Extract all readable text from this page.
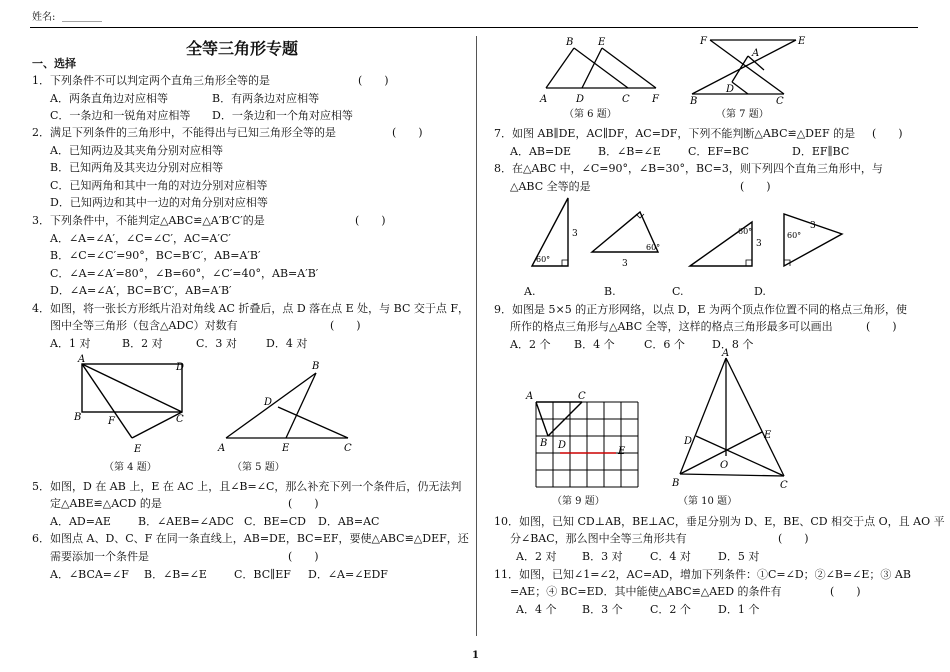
姓名: ________
全等三角形专题
一、选择
1．下列条件不可以判定两个直角三角形全等的是	(　　)
A．两条直角边对应相等	B．有两条边对应相等
C．一条边和一锐角对应相等 D．一条边和一个角对应相等
2．满足下列条件的三角形中，不能得出与已知三角形全等的是	(　　)
A．已知两边及其夹角分别对应相等
B．已知两角及其夹边分别对应相等
C．已知两角和其中一角的对边分别对应相等
D．已知两边和其中一边的对角分别对应相等
3．下列条件中，不能判定△ABC≌△A′B′C′的是	(　　)
A．∠A=∠A′，∠C=∠C′，AC=A′C′
B．∠C=∠C′=90°，BC=B′C′，AB=A′B′
C．∠A=∠A′=80°，∠B=60°，∠C′=40°，AB=A′B′
D．∠A=∠A′，BC=B′C′，AB=A′B′
4．如图，将一张长方形纸片沿对角线 AC 折叠后，点 D 落在点 E 处，与 BC 交于点 F，
图中全等三角形（包含△ADC）对数有	(　　)
A．1 对	B．2 对	C．3 对	D．4 对
A
D
B	F	C
E
（第 4 题）
B
D
A	E	C
（第 5 题）
5．如图，D 在 AB 上，E 在 AC 上，且∠B=∠C，那么补充下列一个条件后，仍无法判
定△ABE≌△ACD 的是	(　　)
A．AD=AE B．∠AEB=∠ADC C．BE=CD D．AB=AC
6．如图点 A、D、C、F 在同一条直线上，AB=DE，BC=EF，要使△ABC≌△DEF，还
需要添加一个条件是	(　　)
A．∠BCA=∠F B．∠B=∠E C．BC∥EF D．∠A=∠EDF
B E
A	D	C F
（第 6 题）
F	E
A
D
B	C
（第 7 题）
7．如图 AB∥DE，AC∥DF，AC=DF，下列不能判断△ABC≌△DEF 的是 (　　)
A．AB=DE B．∠B=∠E C．EF=BC	D．EF∥BC
8．在△ABC 中，∠C=90°，∠B=30°，BC=3，则下列四个直角三角形中，与
△ABC 全等的是	(　　)
3
60°
60°
3
60°
3
60°
3
A.	B.	C.	D.
9．如图是 5×5 的正方形网络，以点 D，E 为两个顶点作位置不同的格点三角形，使
所作的格点三角形与△ABC 全等，这样的格点三角形最多可以画出	(　　)
A．2 个 B．4 个	C．6 个 D．8 个
A	C
B D
E
（第 9 题）
A
D
E
O
B	C
（第 10 题）
10．如图，已知 CD⊥AB，BE⊥AC，垂足分别为 D、E，BE、CD 相交于点 O，且 AO 平
分∠BAC，那么图中全等三角形共有	(　　)
A．2 对 B．3 对 C．4 对 D．5 对
11．如图，已知∠1=∠2，AC=AD，增加下列条件：①C=∠D；②∠B=∠E；③ AB
=AE；④ BC=ED．其中能使△ABC≌△AED 的条件有	(　　)
A．4 个 B．3 个 C．2 个 D．1 个
1
